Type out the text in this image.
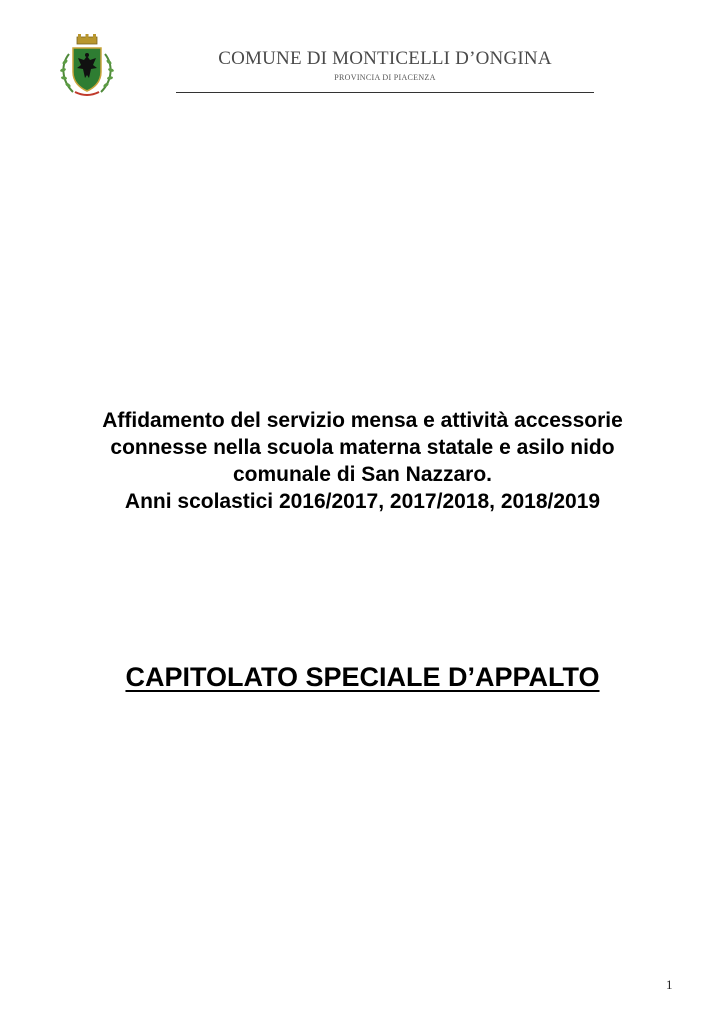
COMUNE DI MONTICELLI D’ONGINA
PROVINCIA DI PIACENZA
Affidamento del servizio mensa e attività accessorie
connesse nella scuola materna statale e asilo nido
comunale di San Nazzaro.
Anni scolastici 2016/2017, 2017/2018, 2018/2019
CAPITOLATO SPECIALE D’APPALTO
1
